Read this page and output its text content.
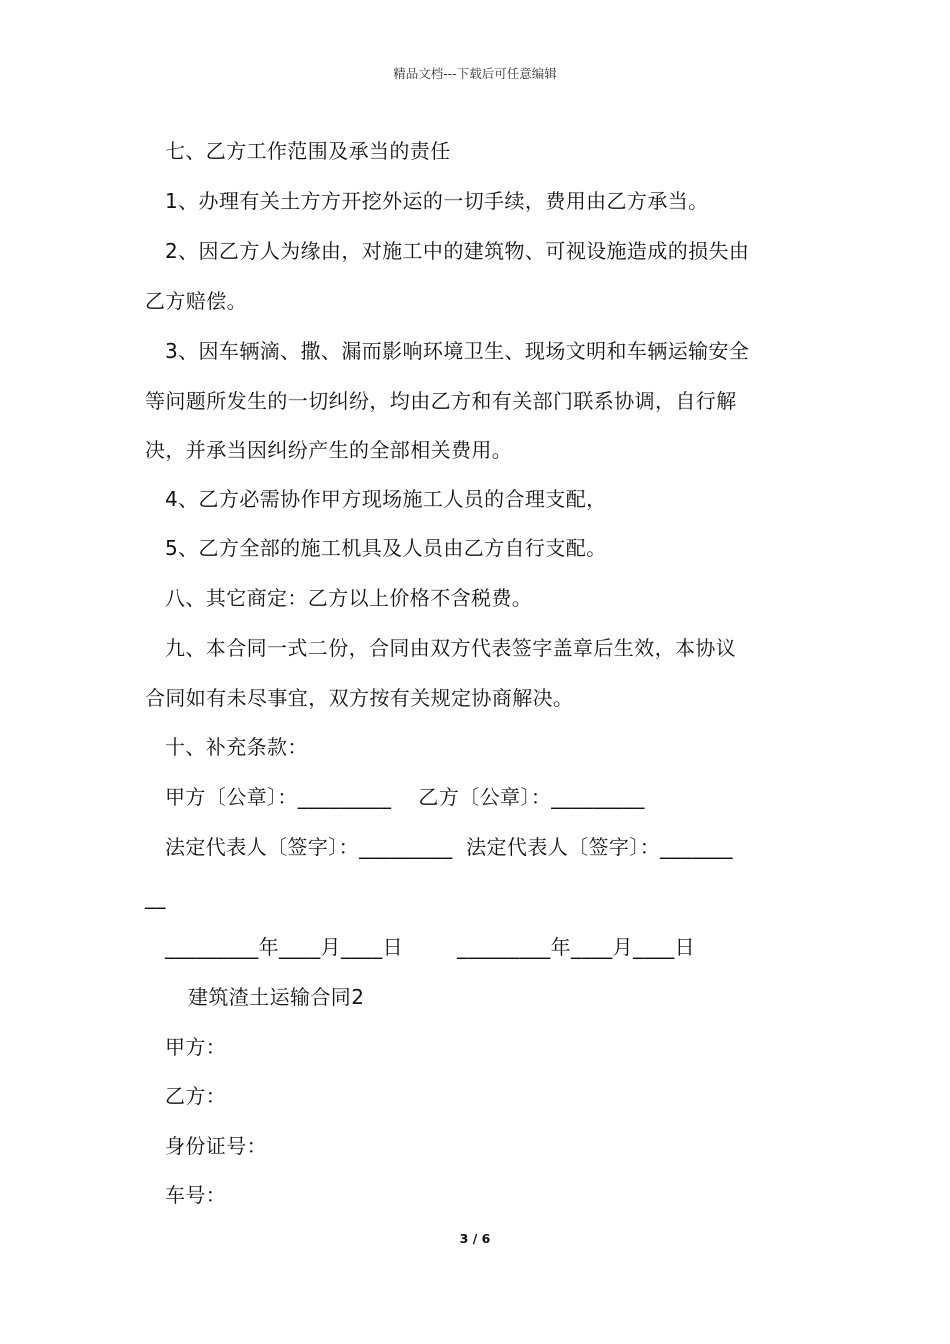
精品文档---下载后可任意编辑
七、乙方工作范围及承当的责任
1、办理有关土方方开挖外运的一切手续，费用由乙方承当。
2、因乙方人为缘由，对施工中的建筑物、可视设施造成的损失由
乙方赔偿。
3、因车辆滴、撒、漏而影响环境卫生、现场文明和车辆运输安全
等问题所发生的一切纠纷，均由乙方和有关部门联系协调，自行解
决，并承当因纠纷产生的全部相关费用。
4、乙方必需协作甲方现场施工人员的合理支配，
5、乙方全部的施工机具及人员由乙方自行支配。
八、其它商定：乙方以上价格不含税费。
九、本合同一式二份，合同由双方代表签字盖章后生效，本协议
合同如有未尽事宜，双方按有关规定协商解决。
十、补充条款：
甲方〔公章〕：_________    乙方〔公章〕：_________
法定代表人〔签字〕：_________  法定代表人〔签字〕：_______
__
_________年____月____日        _________年____月____日
建筑渣土运输合同2
甲方：
乙方：
身份证号：
车号：
3 / 6
